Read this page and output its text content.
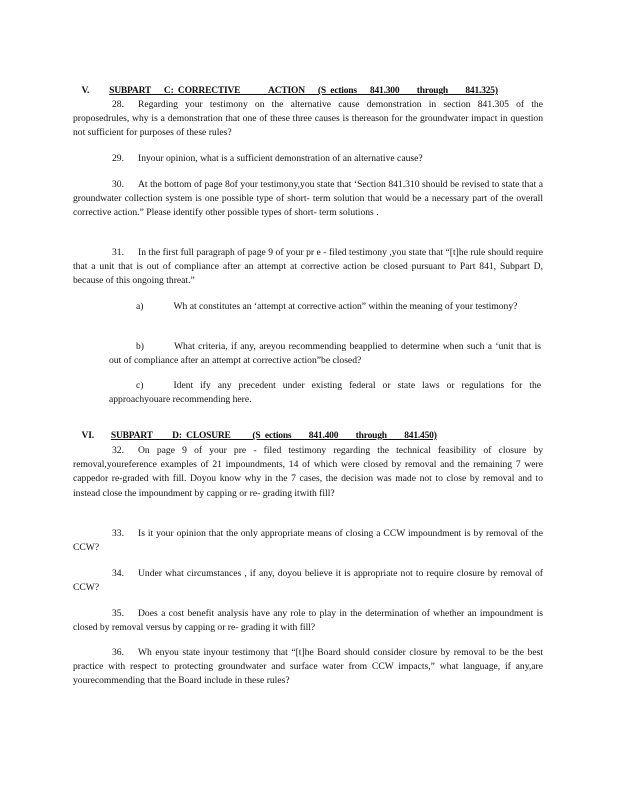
V. SUBPART      C:  CORRECTIVE             ACTION      (S  ections      841.300        through        841.325)

28. Regarding your testimony on the alternative cause demonstration in section 841.305 of the proposedrules, why is a demonstration that one of these three causes is thereason for the groundwater impact in question not sufficient for purposes of these rules?

29. Inyour opinion, what is a sufficient demonstration of an alternative cause?

30. At the bottom of page 8of your testimony,you state that ‘Section 841.310 should be revised to state that a groundwater collection system is one possible type of short- term solution that would be a necessary part of the overall corrective action.” Please identify other possible types of short- term solutions .

31. In the first full paragraph of page 9 of your pr e - filed testimony ,you state that “[t]he rule should require that a unit that is out of compliance after an attempt at corrective action be closed pursuant to Part 841, Subpart D, because of this ongoing threat.”

a)	Wh at constitutes an ‘attempt at corrective action” within the meaning of your testimony?

b)	What criteria, if any, areyou recommending beapplied to determine when such a ‘unit that is out of compliance after an attempt at corrective action”be closed?

c)	Ident ify any precedent under existing federal or state laws or regulations for the approachyouare recommending here.

VI. SUBPART         D:  CLOSURE          (S  ections        841.400        through        841.450)

32. On page 9 of your pre - filed testimony regarding the technical feasibility of closure by removal,youreference examples of 21 impoundments, 14 of which were closed by removal and the remaining 7 were cappedor re-graded with fill. Doyou know why in the 7 cases, the decision was made not to close by removal and to instead close the impoundment by capping or re- grading itwith fill?

33. Is it your opinion that the only appropriate means of closing a CCW impoundment is by removal of the CCW?

34. Under what circumstances , if any, doyou believe it is appropriate not to require closure by removal of CCW?

35. Does a cost benefit analysis have any role to play in the determination of whether an impoundment is closed by removal versus by capping or re- grading it with fill?

36. Wh enyou state inyour testimony that “[t]he Board should consider closure by removal to be the best practice with respect to protecting groundwater and surface water from CCW impacts,” what language, if any,are yourecommending that the Board include in these rules?
